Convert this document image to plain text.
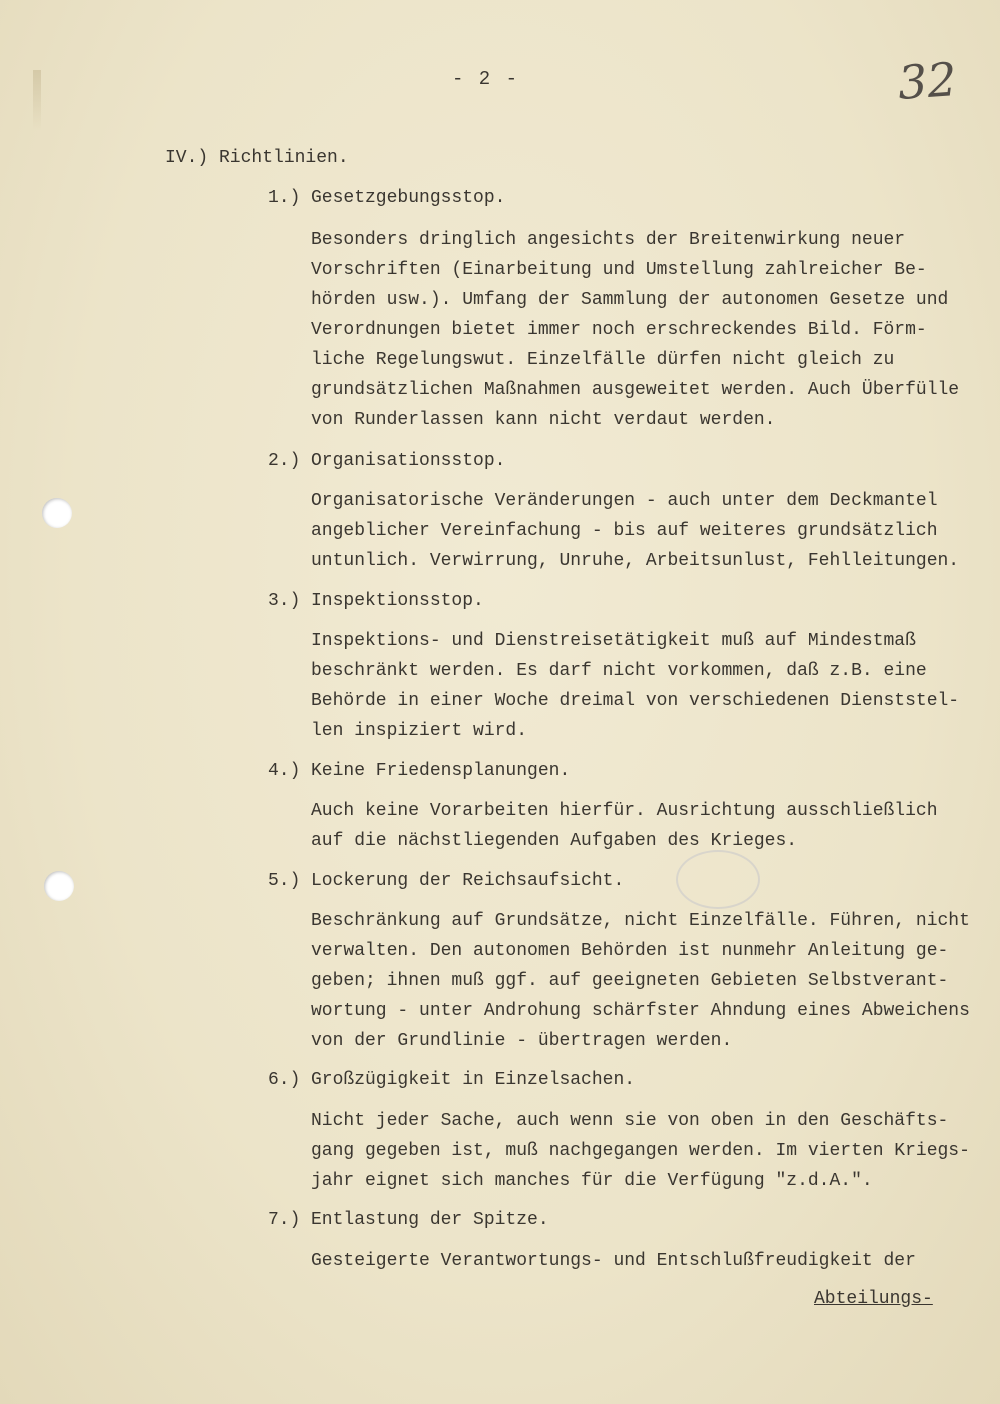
- 2 -	32
IV.) Richtlinien.
1.) Gesetzgebungsstop.

Besonders dringlich angesichts der Breitenwirkung neuer
Vorschriften (Einarbeitung und Umstellung zahlreicher Be-
hörden usw.). Umfang der Sammlung der autonomen Gesetze und
Verordnungen bietet immer noch erschreckendes Bild. Förm-
liche Regelungswut. Einzelfälle dürfen nicht gleich zu
grundsätzlichen Maßnahmen ausgeweitet werden. Auch Überfülle
von Runderlassen kann nicht verdaut werden.

2.) Organisationsstop.

Organisatorische Veränderungen - auch unter dem Deckmantel
angeblicher Vereinfachung - bis auf weiteres grundsätzlich
untunlich. Verwirrung, Unruhe, Arbeitsunlust, Fehlleitungen.

3.) Inspektionsstop.

Inspektions- und Dienstreisetätigkeit muß auf Mindestmaß
beschränkt werden. Es darf nicht vorkommen, daß z.B. eine
Behörde in einer Woche dreimal von verschiedenen Dienststel-
len inspiziert wird.

4.) Keine Friedensplanungen.

Auch keine Vorarbeiten hierfür. Ausrichtung ausschließlich
auf die nächstliegenden Aufgaben des Krieges.

5.) Lockerung der Reichsaufsicht.

Beschränkung auf Grundsätze, nicht Einzelfälle. Führen, nicht
verwalten. Den autonomen Behörden ist nunmehr Anleitung ge-
geben; ihnen muß ggf. auf geeigneten Gebieten Selbstverant-
wortung - unter Androhung schärfster Ahndung eines Abweichens
von der Grundlinie - übertragen werden.

6.) Großzügigkeit in Einzelsachen.

Nicht jeder Sache, auch wenn sie von oben in den Geschäfts-
gang gegeben ist, muß nachgegangen werden. Im vierten Kriegs-
jahr eignet sich manches für die Verfügung "z.d.A.".

7.) Entlastung der Spitze.

Gesteigerte Verantwortungs- und Entschlußfreudigkeit der

Abteilungs-
